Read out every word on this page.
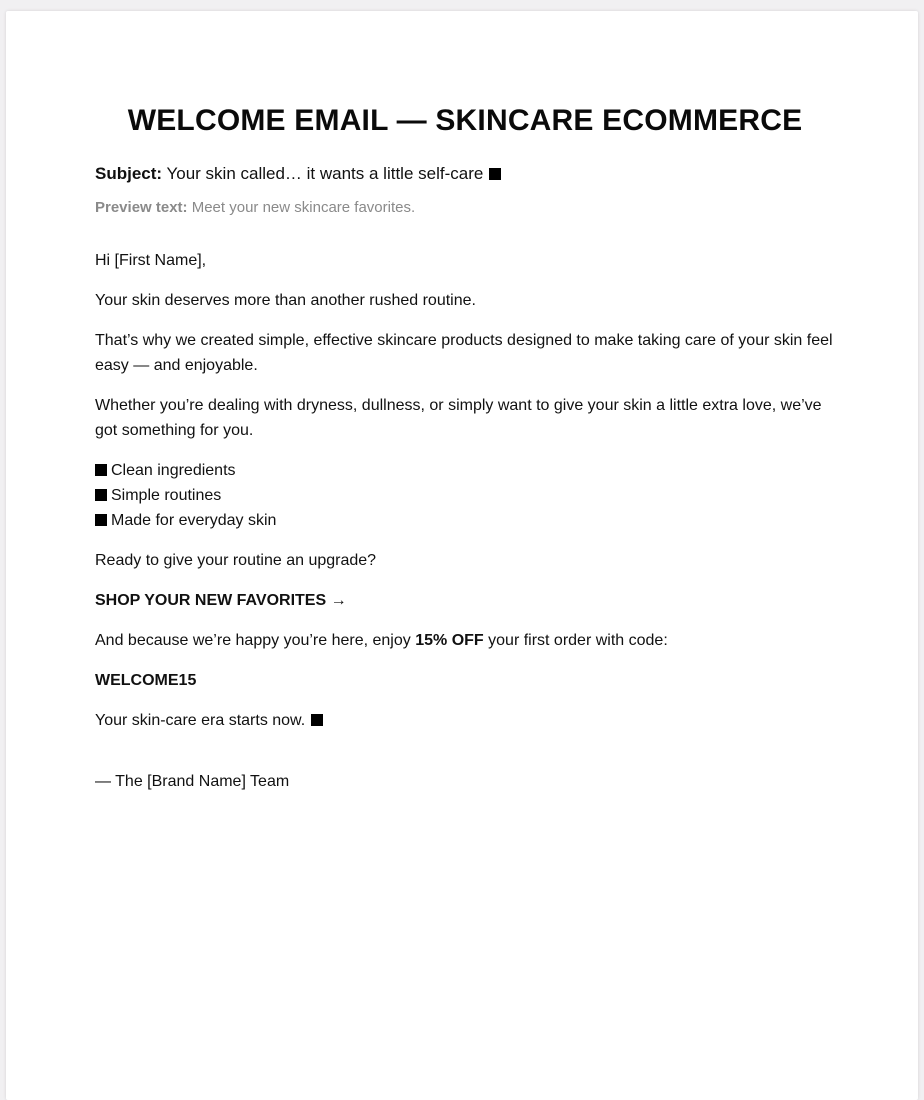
WELCOME EMAIL — SKINCARE ECOMMERCE
Subject: Your skin called… it wants a little self-care
Preview text: Meet your new skincare favorites.

Hi [First Name],

Your skin deserves more than another rushed routine.

That’s why we created simple, effective skincare products designed to make taking care of your skin feel easy — and enjoyable.

Whether you’re dealing with dryness, dullness, or simply want to give your skin a little extra love, we’ve got something for you.

Clean ingredients
Simple routines
Made for everyday skin

Ready to give your routine an upgrade?

SHOP YOUR NEW FAVORITES →

And because we’re happy you’re here, enjoy 15% OFF your first order with code:

WELCOME15

Your skin-care era starts now.

— The [Brand Name] Team
